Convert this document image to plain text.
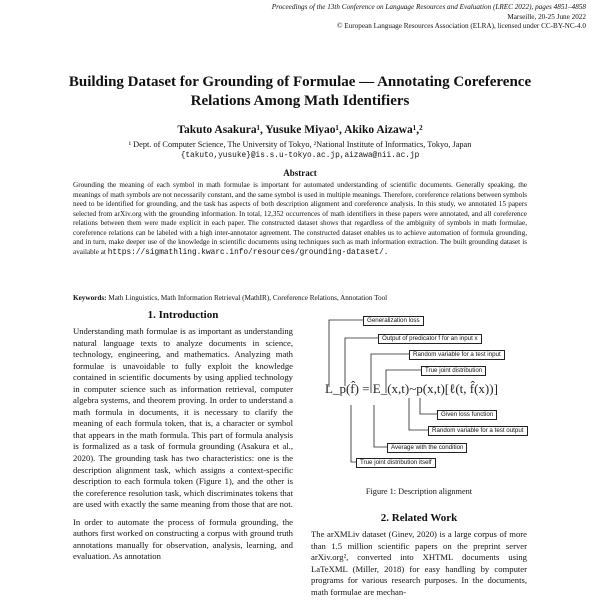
Proceedings of the 13th Conference on Language Resources and Evaluation (LREC 2022), pages 4851–4858
Marseille, 20-25 June 2022
© European Language Resources Association (ELRA), licensed under CC-BY-NC-4.0
Building Dataset for Grounding of Formulae — Annotating Coreference Relations Among Math Identifiers
Takuto Asakura¹, Yusuke Miyao¹, Akiko Aizawa¹,²
¹ Dept. of Computer Science, The University of Tokyo, ²National Institute of Informatics, Tokyo, Japan
{takuto,yusuke}@is.s.u-tokyo.ac.jp,aizawa@nii.ac.jp
Abstract
Grounding the meaning of each symbol in math formulae is important for automated understanding of scientific documents. Generally speaking, the meanings of math symbols are not necessarily constant, and the same symbol is used in multiple meanings. Therefore, coreference relations between symbols need to be identified for grounding, and the task has aspects of both description alignment and coreference analysis. In this study, we annotated 15 papers selected from arXiv.org with the grounding information. In total, 12,352 occurrences of math identifiers in these papers were annotated, and all coreference relations between them were made explicit in each paper. The constructed dataset shows that regardless of the ambiguity of symbols in math formulae, coreference relations can be labeled with a high inter-annotator agreement. The constructed dataset enables us to achieve automation of formula grounding, and in turn, make deeper use of the knowledge in scientific documents using techniques such as math information extraction. The built grounding dataset is available at https://sigmathling.kwarc.info/resources/grounding-dataset/.
Keywords: Math Linguistics, Math Information Retrieval (MathIR), Coreference Relations, Annotation Tool
1. Introduction

Understanding math formulae is as important as understanding natural language texts to analyze documents in science, technology, engineering, and mathematics. Analyzing math formulae is unavoidable to fully exploit the knowledge contained in scientific documents by using applied technology in computer science such as information retrieval, computer algebra systems, and theorem proving. In order to understand a math formula in documents, it is necessary to clarify the meaning of each formula token, that is, a character or symbol that appears in the math formula. This part of formula analysis is formalized as a task of formula grounding (Asakura et al., 2020). The grounding task has two characteristics: one is the description alignment task, which assigns a context-specific description to each formula token (Figure 1), and the other is the coreference resolution task, which discriminates tokens that are used with exactly the same meaning from those that are not.

In order to automate the process of formula grounding, the authors first worked on constructing a corpus with ground truth annotations manually for observation, analysis, learning, and evaluation. As annotation

Generalization loss
Output of predicator f̂ for an input x
Random variable for a test input
True joint distribution
Given loss function
Random variable for a test output
Average with the condition
True joint distribution itself
L_p(f̂) = E_(x,t)~p(x,t)[ℓ(t, f̂(x))]
Figure 1: Description alignment
2. Related Work
The arXMLiv dataset (Ginev, 2020) is a large corpus of more than 1.5 million scientific papers on the preprint server arXiv.org², converted into XHTML documents using LaTeXML (Miller, 2018) for easy handling by computer programs for various research purposes. In the documents, math formulae are mechan-
